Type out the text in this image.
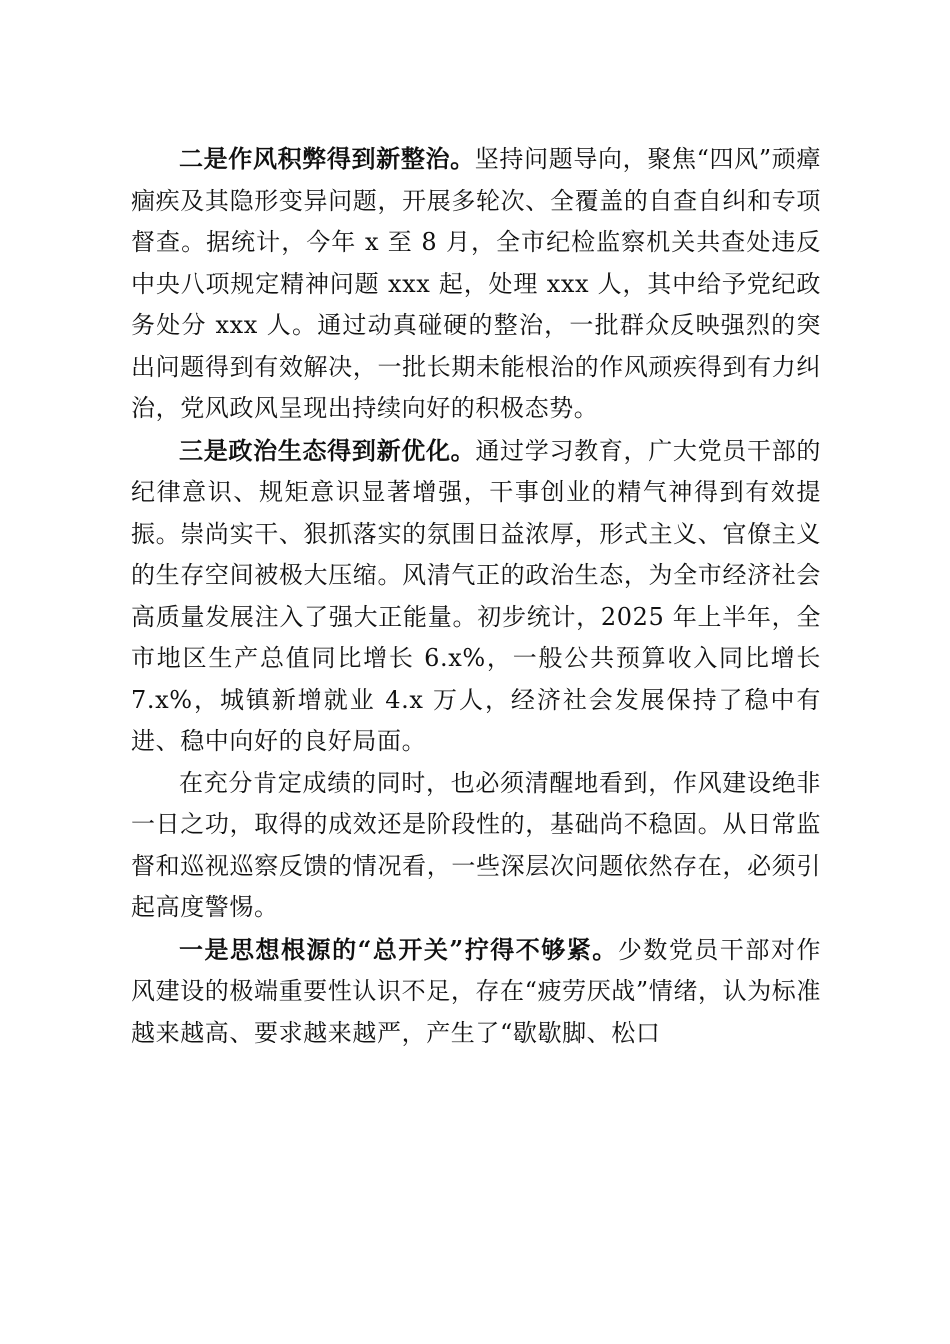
二是作风积弊得到新整治。坚持问题导向，聚焦“四风”顽瘴痼疾及其隐形变异问题，开展多轮次、全覆盖的自查自纠和专项督查。据统计，今年 x 至 8 月，全市纪检监察机关共查处违反中央八项规定精神问题 xxx 起，处理 xxx 人，其中给予党纪政务处分 xxx 人。通过动真碰硬的整治，一批群众反映强烈的突出问题得到有效解决，一批长期未能根治的作风顽疾得到有力纠治，党风政风呈现出持续向好的积极态势。

三是政治生态得到新优化。通过学习教育，广大党员干部的纪律意识、规矩意识显著增强，干事创业的精气神得到有效提振。崇尚实干、狠抓落实的氛围日益浓厚，形式主义、官僚主义的生存空间被极大压缩。风清气正的政治生态，为全市经济社会高质量发展注入了强大正能量。初步统计，2025 年上半年，全市地区生产总值同比增长 6.x%，一般公共预算收入同比增长 7.x%，城镇新增就业 4.x 万人，经济社会发展保持了稳中有进、稳中向好的良好局面。

在充分肯定成绩的同时，也必须清醒地看到，作风建设绝非一日之功，取得的成效还是阶段性的，基础尚不稳固。从日常监督和巡视巡察反馈的情况看，一些深层次问题依然存在，必须引起高度警惕。

一是思想根源的“总开关”拧得不够紧。少数党员干部对作风建设的极端重要性认识不足，存在“疲劳厌战”情绪，认为标准越来越高、要求越来越严，产生了“歇歇脚、松口
